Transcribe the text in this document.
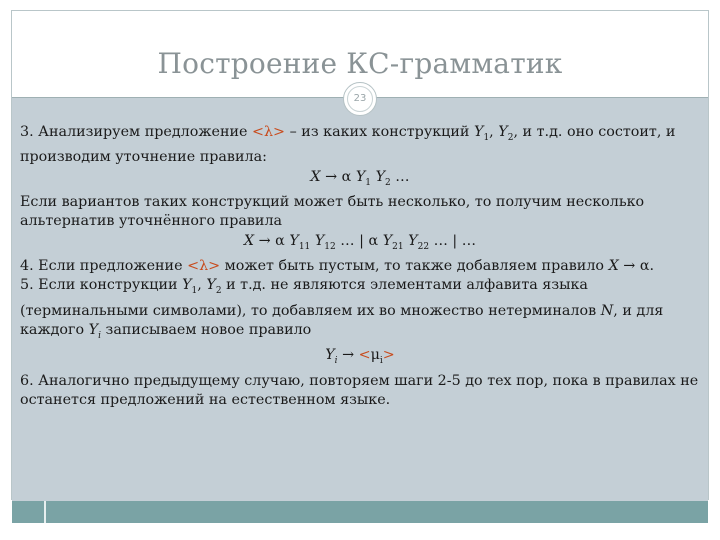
Построение КС-грамматик
23

3. Анализируем предложение <λ> – из каких конструкций $Y_1$, $Y_2$, и т.д. оно состоит, и производим уточнение правила:

X → α $Y_1$ $Y_2$ …

Если вариантов таких конструкций может быть несколько, то получим несколько альтернатив уточнённого правила

X → α $Y_{11}$ $Y_{12}$ … | α $Y_{21}$ $Y_{22}$ … | …

4. Если предложение <λ> может быть пустым, то также добавляем правило X → α.

5. Если конструкции $Y_1$, $Y_2$ и т.д. не являются элементами алфавита языка (терминальными символами), то добавляем их во множество нетерминалов N, и для каждого $Y_i$ записываем новое правило

$Y_i \to <\mu_i>$

6. Аналогично предыдущему случаю, повторяем шаги 2-5 до тех пор, пока в правилах не останется предложений на естественном языке.
